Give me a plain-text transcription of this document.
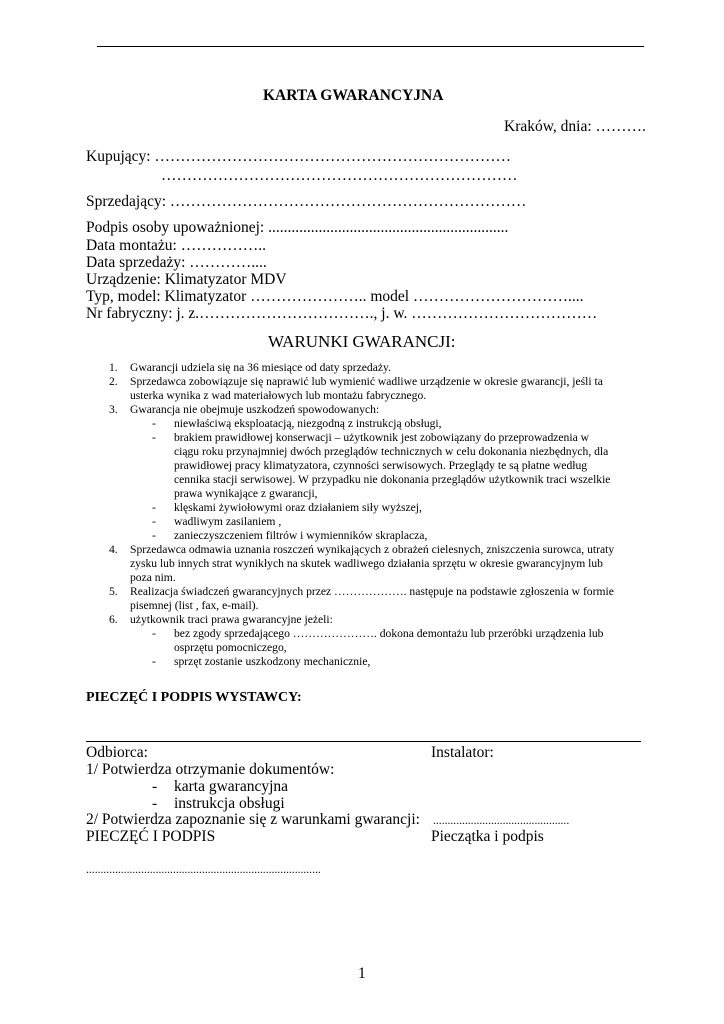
KARTA GWARANCYJNA
Kraków, dnia: ……….
Kupujący: ……………………………………………………………
……………………………………………………………
Sprzedający: ……………………………………………………………
Podpis osoby upoważnionej: ..............................................................
Data montażu: ……………..
Data sprzedaży: …………....
Urządzenie: Klimatyzator MDV
Typ, model: Klimatyzator ………………….. model …………………………....
Nr fabryczny: j. z.……………………………., j. w. ………………………………
WARUNKI GWARANCJI:
1. Gwarancji udziela się na 36 miesiące od daty sprzedaży.
2. Sprzedawca zobowiązuje się naprawić lub wymienić wadliwe urządzenie w okresie gwarancji, jeśli ta
usterka wynika z wad materiałowych lub montażu fabrycznego.
3. Gwarancja nie obejmuje uszkodzeń spowodowanych:
- niewłaściwą eksploatacją, niezgodną z instrukcją obsługi,
- brakiem prawidłowej konserwacji – użytkownik jest zobowiązany do przeprowadzenia w
ciągu roku przynajmniej dwóch przeglądów technicznych w celu dokonania niezbędnych, dla
prawidłowej pracy klimatyzatora, czynności serwisowych. Przeglądy te są płatne według
cennika stacji serwisowej. W przypadku nie dokonania przeglądów użytkownik traci wszelkie
prawa wynikające z gwarancji,
- klęskami żywiołowymi oraz działaniem siły wyższej,
- wadliwym zasilaniem ,
- zanieczyszczeniem filtrów i wymienników skraplacza,
4. Sprzedawca odmawia uznania roszczeń wynikających z obrażeń cielesnych, zniszczenia surowca, utraty
zysku lub innych strat wynikłych na skutek wadliwego działania sprzętu w okresie gwarancyjnym lub
poza nim.
5. Realizacja świadczeń gwarancyjnych przez ………………. następuje na podstawie zgłoszenia w formie
pisemnej (list , fax, e-mail).
6. użytkownik traci prawa gwarancyjne jeżeli:
- bez zgody sprzedającego …………………. dokona demontażu lub przeróbki urządzenia lub
osprzętu pomocniczego,
- sprzęt zostanie uszkodzony mechanicznie,
PIECZĘĆ I PODPIS WYSTAWCY:
Odbiorca:	Instalator:
1/ Potwierdza otrzymanie dokumentów:
- karta gwarancyjna
- instrukcja obsługi
2/ Potwierdza zapoznanie się z warunkami gwarancji: ...............................................
PIECZĘĆ I PODPIS	Pieczątka i podpis
.................................................................................
1
